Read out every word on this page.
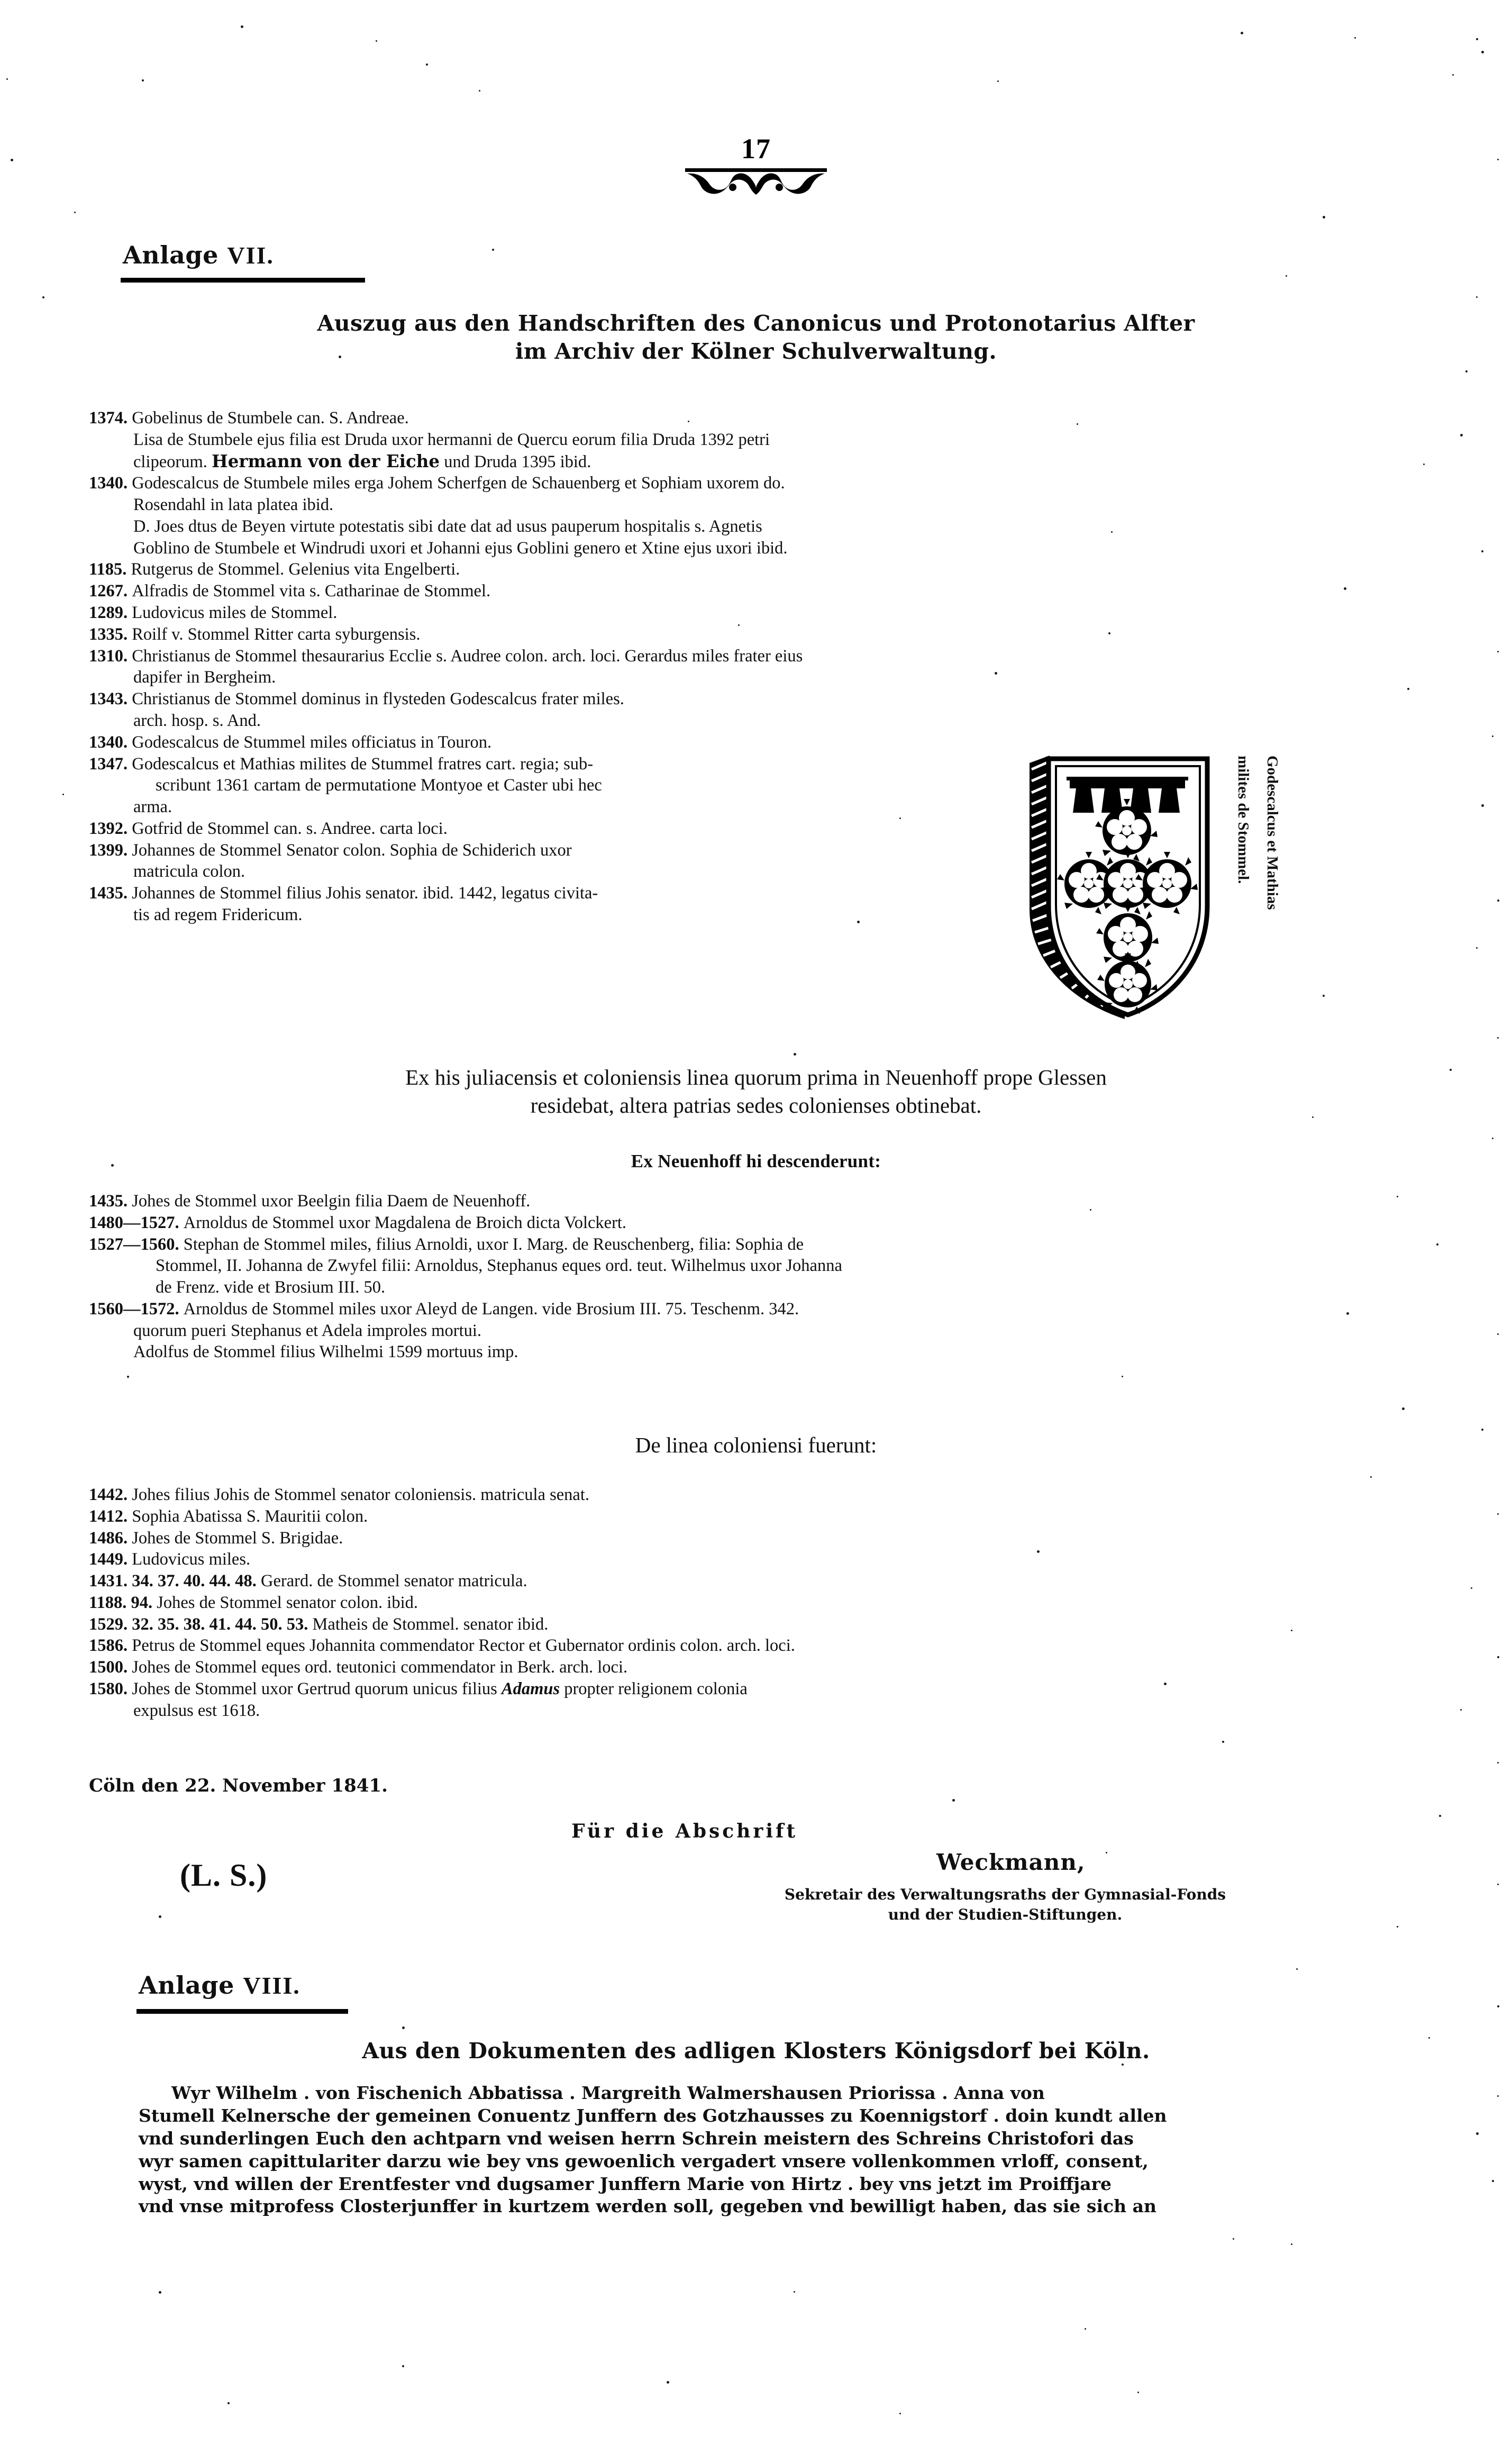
17
Anlage VII.
Auszug aus den Handschriften des Canonicus und Protonotarius Alfter
im Archiv der Kölner Schulverwaltung.
1374. Gobelinus de Stumbele can. S. Andreae.
Lisa de Stumbele ejus filia est Druda uxor hermanni de Quercu eorum filia Druda 1392 petri
clipeorum. Hermann von der Eiche und Druda 1395 ibid.
1340. Godescalcus de Stumbele miles erga Johem Scherfgen de Schauenberg et Sophiam uxorem do.
Rosendahl in lata platea ibid.
D. Joes dtus de Beyen virtute potestatis sibi date dat ad usus pauperum hospitalis s. Agnetis
Goblino de Stumbele et Windrudi uxori et Johanni ejus Goblini genero et Xtine ejus uxori ibid.
1185. Rutgerus de Stommel. Gelenius vita Engelberti.
1267. Alfradis de Stommel vita s. Catharinae de Stommel.
1289. Ludovicus miles de Stommel.
1335. Roilf v. Stommel Ritter carta syburgensis.
1310. Christianus de Stommel thesaurarius Ecclie s. Audree colon. arch. loci. Gerardus miles frater eius
dapifer in Bergheim.
1343. Christianus de Stommel dominus in flysteden Godescalcus frater miles.
arch. hosp. s. And.
1340. Godescalcus de Stummel miles officiatus in Touron.
1347. Godescalcus et Mathias milites de Stummel fratres cart. regia; sub-
scribunt 1361 cartam de permutatione Montyoe et Caster ubi hec
arma.
1392. Gotfrid de Stommel can. s. Andree. carta loci.
1399. Johannes de Stommel Senator colon. Sophia de Schiderich uxor
matricula colon.
1435. Johannes de Stommel filius Johis senator. ibid. 1442, legatus civita-
tis ad regem Fridericum.
Godescalcus et Mathias
milites de Stommel.
Ex his juliacensis et coloniensis linea quorum prima in Neuenhoff prope Glessen
residebat, altera patrias sedes colonienses obtinebat.
Ex Neuenhoff hi descenderunt:
1435. Johes de Stommel uxor Beelgin filia Daem de Neuenhoff.
1480—1527. Arnoldus de Stommel uxor Magdalena de Broich dicta Volckert.
1527—1560. Stephan de Stommel miles, filius Arnoldi, uxor I. Marg. de Reuschenberg, filia: Sophia de
Stommel, II. Johanna de Zwyfel filii: Arnoldus, Stephanus eques ord. teut. Wilhelmus uxor Johanna
de Frenz. vide et Brosium III. 50.
1560—1572. Arnoldus de Stommel miles uxor Aleyd de Langen. vide Brosium III. 75. Teschenm. 342.
quorum pueri Stephanus et Adela improles mortui.
Adolfus de Stommel filius Wilhelmi 1599 mortuus imp.
De linea coloniensi fuerunt:
1442. Johes filius Johis de Stommel senator coloniensis. matricula senat.
1412. Sophia Abatissa S. Mauritii colon.
1486. Johes de Stommel S. Brigidae.
1449. Ludovicus miles.
1431. 34. 37. 40. 44. 48. Gerard. de Stommel senator matricula.
1188. 94. Johes de Stommel senator colon. ibid.
1529. 32. 35. 38. 41. 44. 50. 53. Matheis de Stommel. senator ibid.
1586. Petrus de Stommel eques Johannita commendator Rector et Gubernator ordinis colon. arch. loci.
1500. Johes de Stommel eques ord. teutonici commendator in Berk. arch. loci.
1580. Johes de Stommel uxor Gertrud quorum unicus filius Adamus propter religionem colonia
expulsus est 1618.
Cöln den 22. November 1841.
Für die Abschrift
(L. S.)	Weckmann,
Sekretair des Verwaltungsraths der Gymnasial-Fonds
und der Studien-Stiftungen.
Anlage VIII.
Aus den Dokumenten des adligen Klosters Königsdorf bei Köln.
Wyr Wilhelm . von Fischenich Abbatissa . Margreith Walmershausen Priorissa . Anna von
Stumell Kelnersche der gemeinen Conuentz Junffern des Gotzhausses zu Koennigstorf . doin kundt allen
vnd sunderlingen Euch den achtparn vnd weisen herrn Schrein meistern des Schreins Christofori das
wyr samen capittulariter darzu wie bey vns gewoenlich vergadert vnsere vollenkommen vrloff, consent,
wyst, vnd willen der Erentfester vnd dugsamer Junffern Marie von Hirtz . bey vns jetzt im Proiffjare
vnd vnse mitprofess Closterjunffer in kurtzem werden soll, gegeben vnd bewilligt haben, das sie sich an
